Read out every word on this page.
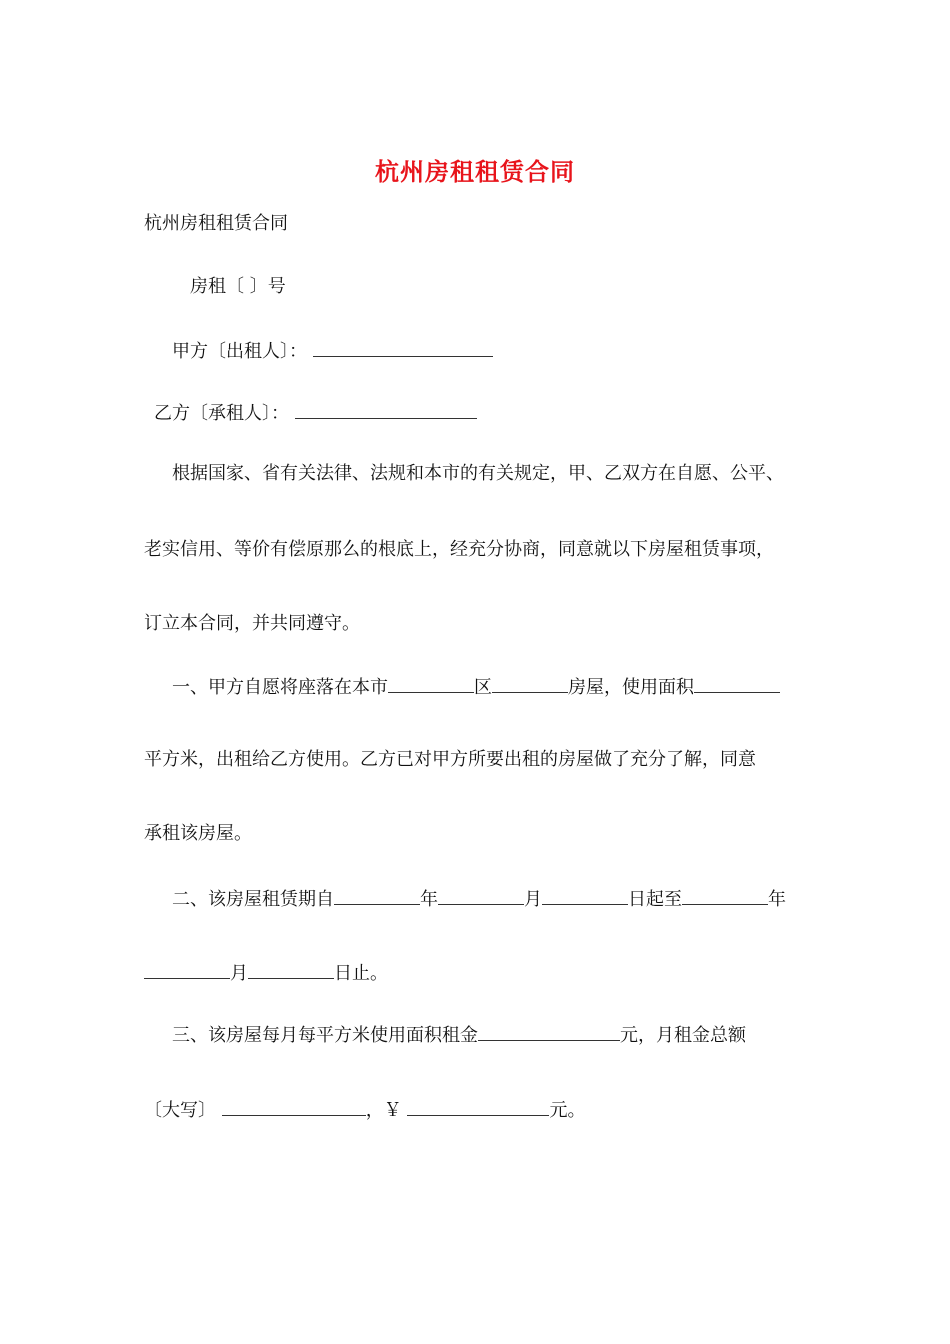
杭州房租租赁合同
杭州房租租赁合同
房租〔 〕号
甲方〔出租人〕：
乙方〔承租人〕：
根据国家、省有关法律、法规和本市的有关规定，甲、乙双方在自愿、公平、
老实信用、等价有偿原那么的根底上，经充分协商，同意就以下房屋租赁事项，
订立本合同，并共同遵守。
一、甲方自愿将座落在本市	区	房屋，使用面积
平方米，出租给乙方使用。乙方已对甲方所要出租的房屋做了充分了解，同意
承租该房屋。
二、该房屋租赁期自	年	月	日起至	年
月	日止。
三、该房屋每月每平方米使用面积租金	元，月租金总额
〔大写〕	，￥	元。
